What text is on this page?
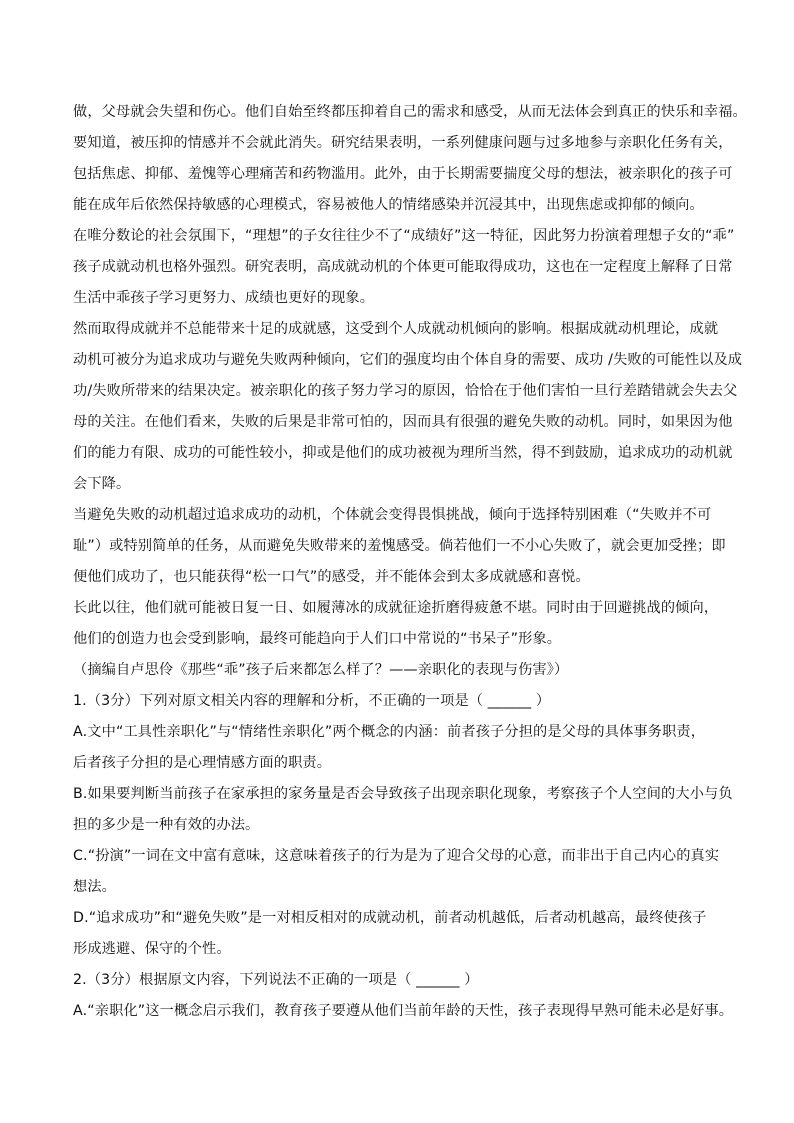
做，父母就会失望和伤心。他们自始至终都压抑着自己的需求和感受，从而无法体会到真正的快乐和幸福。

要知道，被压抑的情感并不会就此消失。研究结果表明，一系列健康问题与过多地参与亲职化任务有关，

包括焦虑、抑郁、羞愧等心理痛苦和药物滥用。此外，由于长期需要揣度父母的想法，被亲职化的孩子可

能在成年后依然保持敏感的心理模式，容易被他人的情绪感染并沉浸其中，出现焦虑或抑郁的倾向。

在唯分数论的社会氛围下，“理想”的子女往往少不了“成绩好”这一特征，因此努力扮演着理想子女的“乖”

孩子成就动机也格外强烈。研究表明，高成就动机的个体更可能取得成功，这也在一定程度上解释了日常

生活中乖孩子学习更努力、成绩也更好的现象。

然而取得成就并不总能带来十足的成就感，这受到个人成就动机倾向的影响。根据成就动机理论，成就

动机可被分为追求成功与避免失败两种倾向，它们的强度均由个体自身的需要、成功 /失败的可能性以及成

功/失败所带来的结果决定。被亲职化的孩子努力学习的原因，恰恰在于他们害怕一旦行差踏错就会失去父

母的关注。在他们看来，失败的后果是非常可怕的，因而具有很强的避免失败的动机。同时，如果因为他

们的能力有限、成功的可能性较小，抑或是他们的成功被视为理所当然，得不到鼓励，追求成功的动机就

会下降。

当避免失败的动机超过追求成功的动机，个体就会变得畏惧挑战，倾向于选择特别困难（“失败并不可

耻”）或特别简单的任务，从而避免失败带来的羞愧感受。倘若他们一不小心失败了，就会更加受挫；即

便他们成功了，也只能获得“松一口气”的感受，并不能体会到太多成就感和喜悦。

长此以往，他们就可能被日复一日、如履薄冰的成就征途折磨得疲惫不堪。同时由于回避挑战的倾向，

他们的创造力也会受到影响，最终可能趋向于人们口中常说的“书呆子”形象。

（摘编自卢思伶《那些“乖”孩子后来都怎么样了？——亲职化的表现与伤害》）

1.（3分）下列对原文相关内容的理解和分析，不正确的一项是（ ______ ）

A.文中“工具性亲职化”与“情绪性亲职化”两个概念的内涵：前者孩子分担的是父母的具体事务职责，

后者孩子分担的是心理情感方面的职责。

B.如果要判断当前孩子在家承担的家务量是否会导致孩子出现亲职化现象，考察孩子个人空间的大小与负

担的多少是一种有效的办法。

C.“扮演”一词在文中富有意味，这意味着孩子的行为是为了迎合父母的心意，而非出于自己内心的真实

想法。

D.“追求成功”和“避免失败”是一对相反相对的成就动机，前者动机越低，后者动机越高，最终使孩子

形成逃避、保守的个性。

2.（3分）根据原文内容，下列说法不正确的一项是（ ______ ）

A.“亲职化”这一概念启示我们，教育孩子要遵从他们当前年龄的天性，孩子表现得早熟可能未必是好事。
